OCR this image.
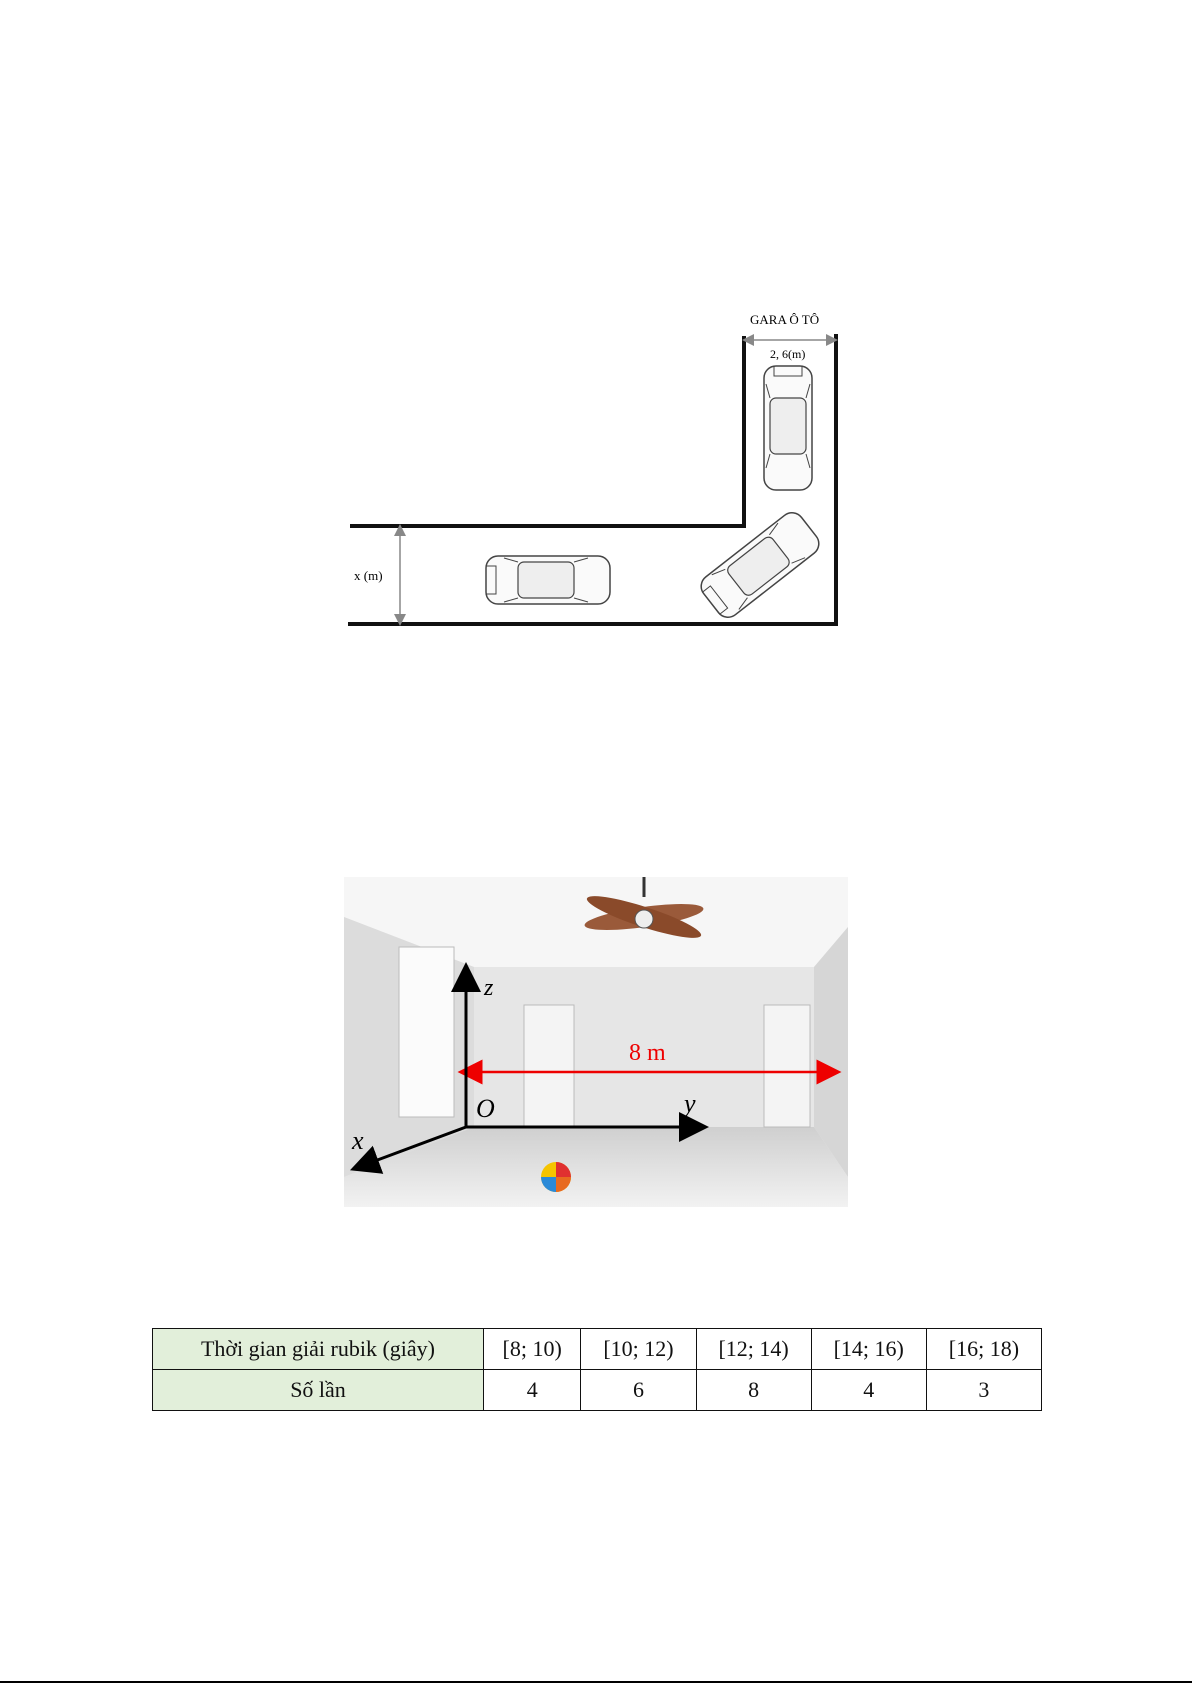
x (m)
GARA Ô TÔ
2, 6(m)
8 m
z
y
x
O
Thời gian giải rubik (giây)	[8; 10)	[10; 12)	[12; 14)	[14; 16)	[16; 18)
Số lần	4	6	8	4	3
